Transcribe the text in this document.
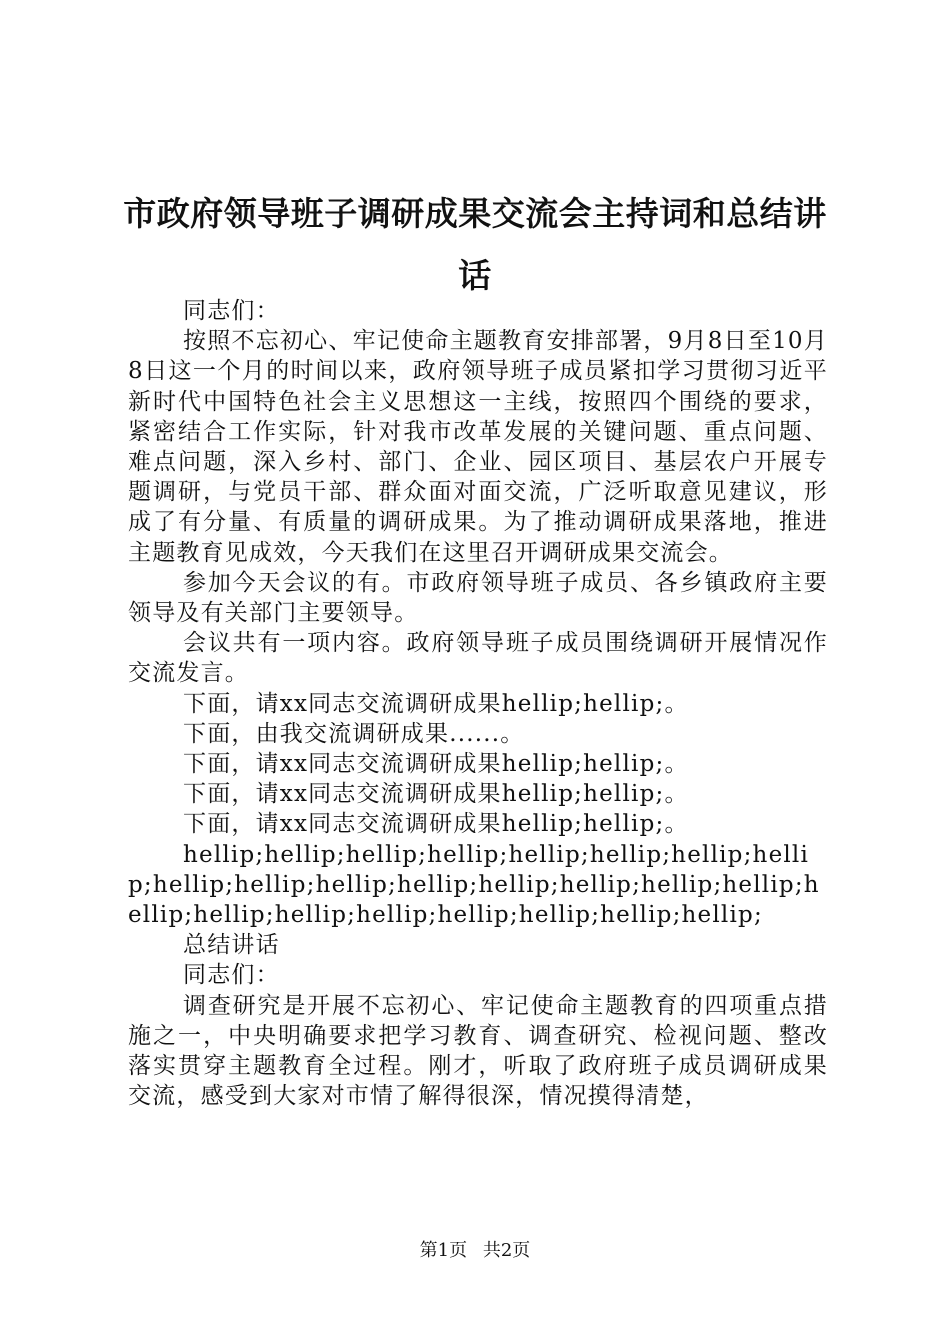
市政府领导班子调研成果交流会主持词和总结讲话

同志们：

按照不忘初心、牢记使命主题教育安排部署，9月8日至10月8日这一个月的时间以来，政府领导班子成员紧扣学习贯彻习近平新时代中国特色社会主义思想这一主线，按照四个围绕的要求，紧密结合工作实际，针对我市改革发展的关键问题、重点问题、难点问题，深入乡村、部门、企业、园区项目、基层农户开展专题调研，与党员干部、群众面对面交流，广泛听取意见建议，形成了有分量、有质量的调研成果。为了推动调研成果落地，推进主题教育见成效，今天我们在这里召开调研成果交流会。

参加今天会议的有。市政府领导班子成员、各乡镇政府主要领导及有关部门主要领导。

会议共有一项内容。政府领导班子成员围绕调研开展情况作交流发言。

下面，请xx同志交流调研成果hellip;hellip;。

下面，由我交流调研成果......。

下面，请xx同志交流调研成果hellip;hellip;。

下面，请xx同志交流调研成果hellip;hellip;。

下面，请xx同志交流调研成果hellip;hellip;。

hellip;hellip;hellip;hellip;hellip;hellip;hellip;hellip;hellip;hellip;hellip;hellip;hellip;hellip;hellip;hellip;hellip;hellip;hellip;hellip;hellip;hellip;hellip;hellip;

总结讲话

同志们：

调查研究是开展不忘初心、牢记使命主题教育的四项重点措施之一，中央明确要求把学习教育、调查研究、检视问题、整改落实贯穿主题教育全过程。刚才，听取了政府班子成员调研成果交流，感受到大家对市情了解得很深，情况摸得清楚，

第1页 共2页
